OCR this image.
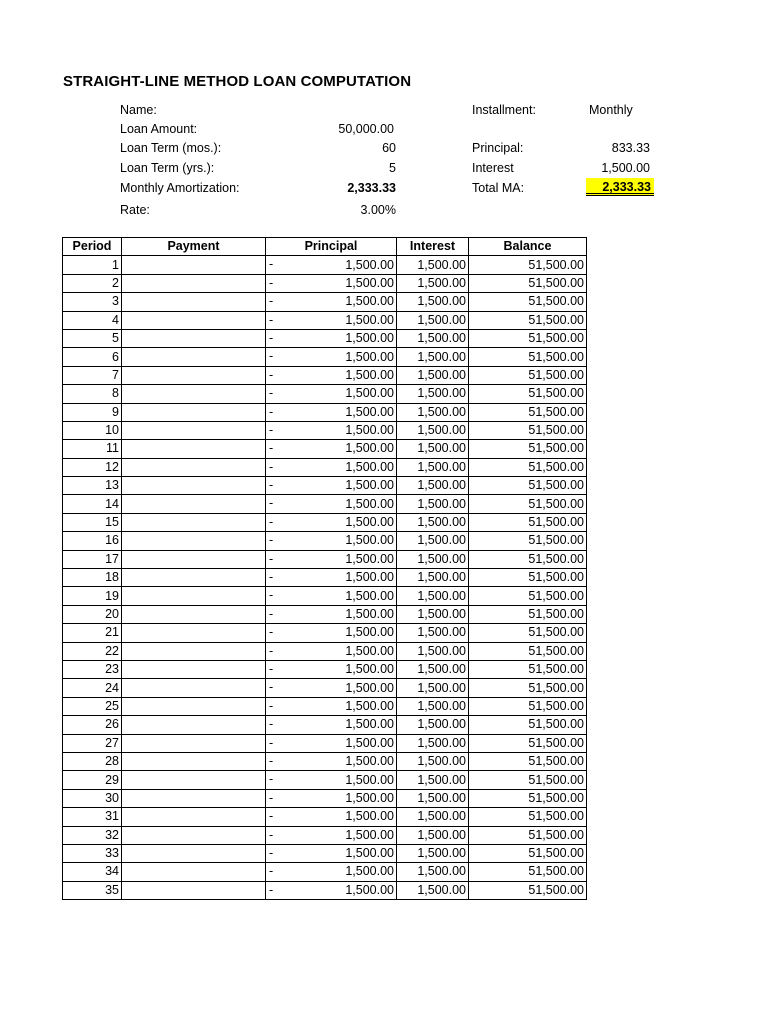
STRAIGHT-LINE METHOD LOAN COMPUTATION
Name:
Loan Amount:	50,000.00
Loan Term (mos.):	60
Loan Term (yrs.):	5
Monthly Amortization:	2,333.33
Rate:	3.00%
Installment:	Monthly
Principal:	833.33
Interest	1,500.00
Total MA:	2,333.33
Period	Payment	Principal	Interest	Balance
1		- 1,500.00	1,500.00	51,500.00
2		- 1,500.00	1,500.00	51,500.00
3		- 1,500.00	1,500.00	51,500.00
4		- 1,500.00	1,500.00	51,500.00
5		- 1,500.00	1,500.00	51,500.00
6		- 1,500.00	1,500.00	51,500.00
7		- 1,500.00	1,500.00	51,500.00
8		- 1,500.00	1,500.00	51,500.00
9		- 1,500.00	1,500.00	51,500.00
10		- 1,500.00	1,500.00	51,500.00
11		- 1,500.00	1,500.00	51,500.00
12		- 1,500.00	1,500.00	51,500.00
13		- 1,500.00	1,500.00	51,500.00
14		- 1,500.00	1,500.00	51,500.00
15		- 1,500.00	1,500.00	51,500.00
16		- 1,500.00	1,500.00	51,500.00
17		- 1,500.00	1,500.00	51,500.00
18		- 1,500.00	1,500.00	51,500.00
19		- 1,500.00	1,500.00	51,500.00
20		- 1,500.00	1,500.00	51,500.00
21		- 1,500.00	1,500.00	51,500.00
22		- 1,500.00	1,500.00	51,500.00
23		- 1,500.00	1,500.00	51,500.00
24		- 1,500.00	1,500.00	51,500.00
25		- 1,500.00	1,500.00	51,500.00
26		- 1,500.00	1,500.00	51,500.00
27		- 1,500.00	1,500.00	51,500.00
28		- 1,500.00	1,500.00	51,500.00
29		- 1,500.00	1,500.00	51,500.00
30		- 1,500.00	1,500.00	51,500.00
31		- 1,500.00	1,500.00	51,500.00
32		- 1,500.00	1,500.00	51,500.00
33		- 1,500.00	1,500.00	51,500.00
34		- 1,500.00	1,500.00	51,500.00
35		- 1,500.00	1,500.00	51,500.00
